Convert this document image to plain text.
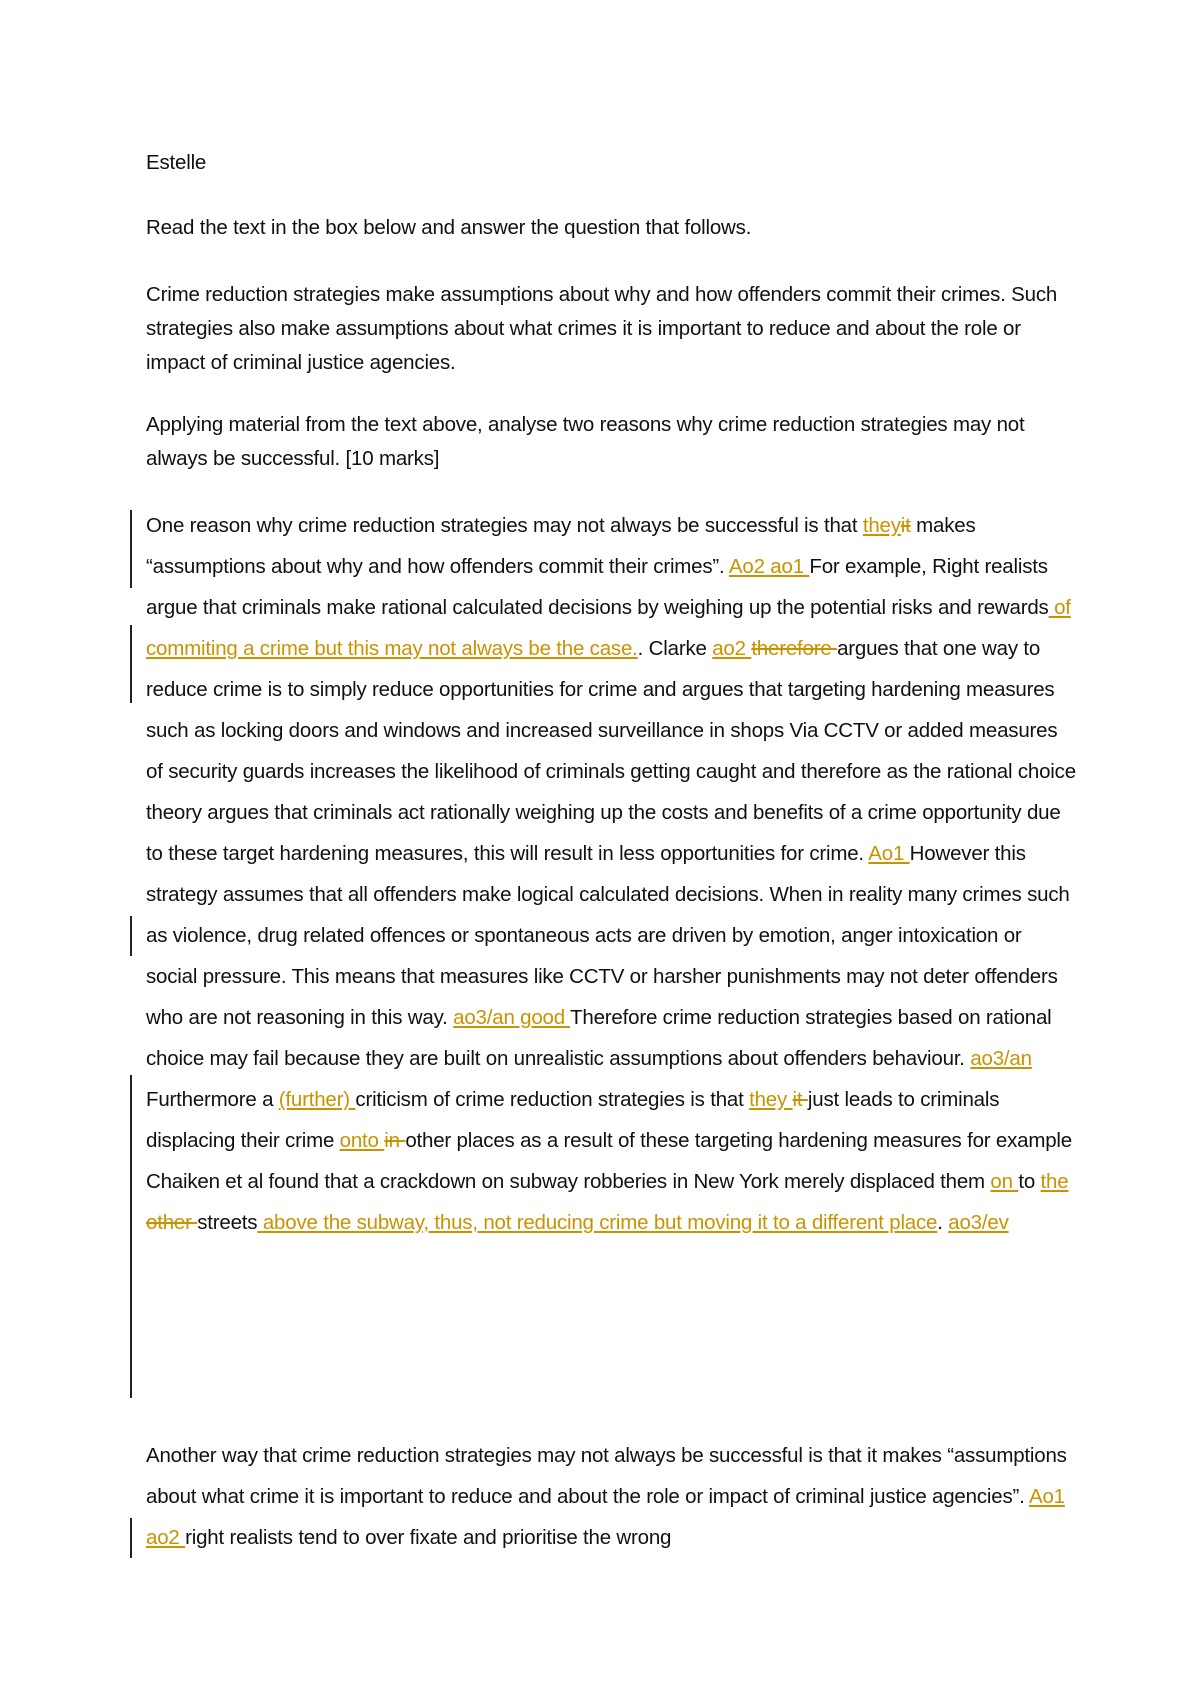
Estelle
Read the text in the box below and answer the question that follows.
Crime reduction strategies make assumptions about why and how offenders commit their crimes. Such strategies also make assumptions about what crimes it is important to reduce and about the role or impact of criminal justice agencies.
Applying material from the text above, analyse two reasons why crime reduction strategies may not always be successful. [10 marks]
One reason why crime reduction strategies may not always be successful is that theyit makes “assumptions about why and how offenders commit their crimes”. Ao2 ao1 For example, Right realists argue that criminals make rational calculated decisions by weighing up the potential risks and rewards of commiting a crime but this may not always be the case.. Clarke ao2 therefore argues that one way to reduce crime is to simply reduce opportunities for crime and argues that targeting hardening measures such as locking doors and windows and increased surveillance in shops Via CCTV or added measures of security guards increases the likelihood of criminals getting caught and therefore as the rational choice theory argues that criminals act rationally weighing up the costs and benefits of a crime opportunity due to these target hardening measures, this will result in less opportunities for crime. Ao1 However this strategy assumes that all offenders make logical calculated decisions. When in reality many crimes such as violence, drug related offences or spontaneous acts are driven by emotion, anger intoxication or social pressure. This means that measures like CCTV or harsher punishments may not deter offenders who are not reasoning in this way. ao3/an good Therefore crime reduction strategies based on rational choice may fail because they are built on unrealistic assumptions about offenders behaviour. ao3/an Furthermore a (further) criticism of crime reduction strategies is that they it just leads to criminals displacing their crime onto in other places as a result of these targeting hardening measures for example Chaiken et al found that a crackdown on subway robberies in New York merely displaced them on to the other streets above the subway, thus, not reducing crime but moving it to a different place. ao3/ev
Another way that crime reduction strategies may not always be successful is that it makes “assumptions about what crime it is important to reduce and about the role or impact of criminal justice agencies”. Ao1 ao2 right realists tend to over fixate and prioritise the wrong
